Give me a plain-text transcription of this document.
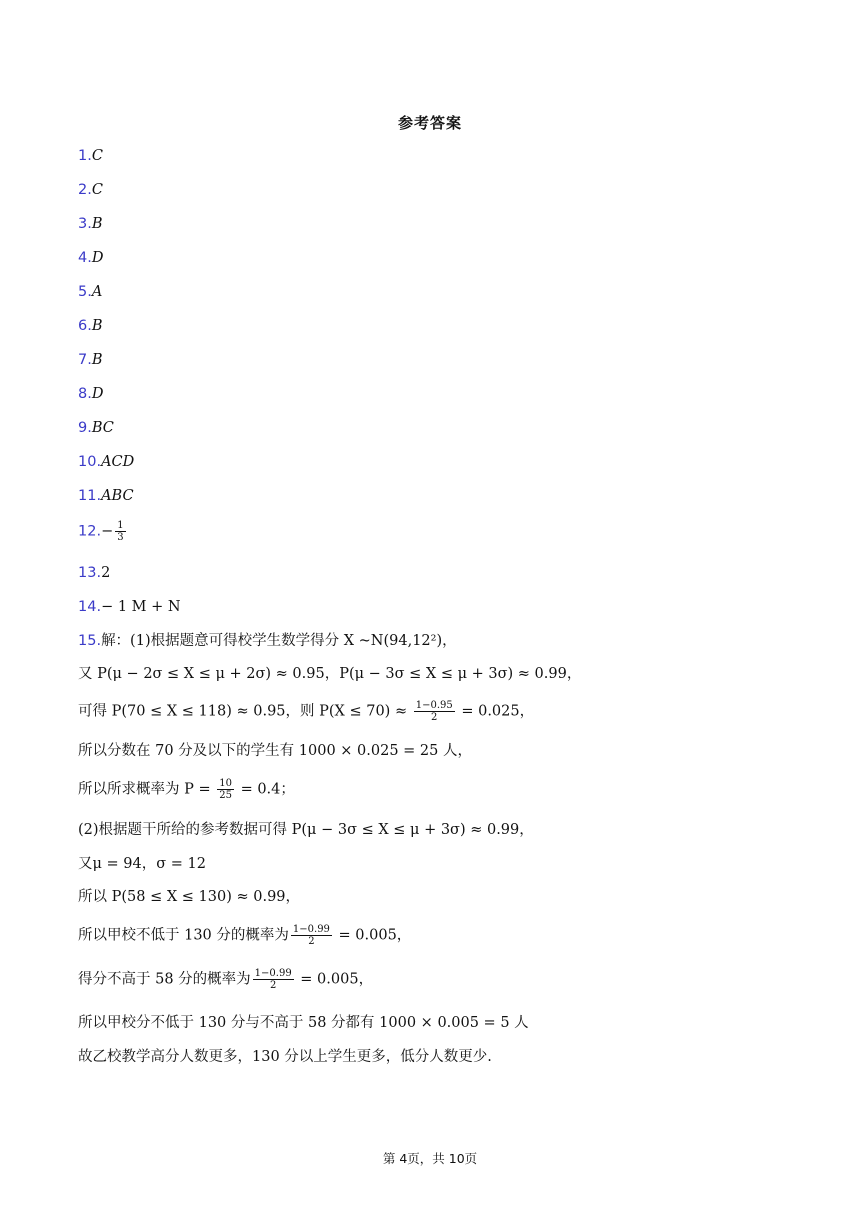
参考答案
1.C
2.C
3.B
4.D
5.A
6.B
7.B
8.D
9.BC
10.ACD
11.ABC
$12.- \frac{1}{3}$
13.2
14.− 1 M + N
15.解：(1)根据题意可得校学生数学得分 X ~N(94,12²)，
又 P(μ − 2σ ≤ X ≤ μ + 2σ) ≈ 0.95，P(μ − 3σ ≤ X ≤ μ + 3σ) ≈ 0.99，
可得 P(70 ≤ X ≤ 118) ≈ 0.95，则 $P(X \le 70) \approx \frac{1-0.95}{2} = 0.025$，
所以分数在 70 分及以下的学生有 1000 × 0.025 = 25 人，
所以所求概率为 $P = \frac{10}{25} = 0.4$；
(2)根据题干所给的参考数据可得 P(μ − 3σ ≤ X ≤ μ + 3σ) ≈ 0.99，
又μ = 94，σ = 12
所以 P(58 ≤ X ≤ 130) ≈ 0.99，
所以甲校不低于 130 分的概率为 $\frac{1-0.99}{2} = 0.005$，
得分不高于 58 分的概率为 $\frac{1-0.99}{2} = 0.005$，
所以甲校分不低于 130 分与不高于 58 分都有 1000 × 0.005 = 5 人
故乙校教学高分人数更多，130 分以上学生更多，低分人数更少.
第 4页，共 10页
